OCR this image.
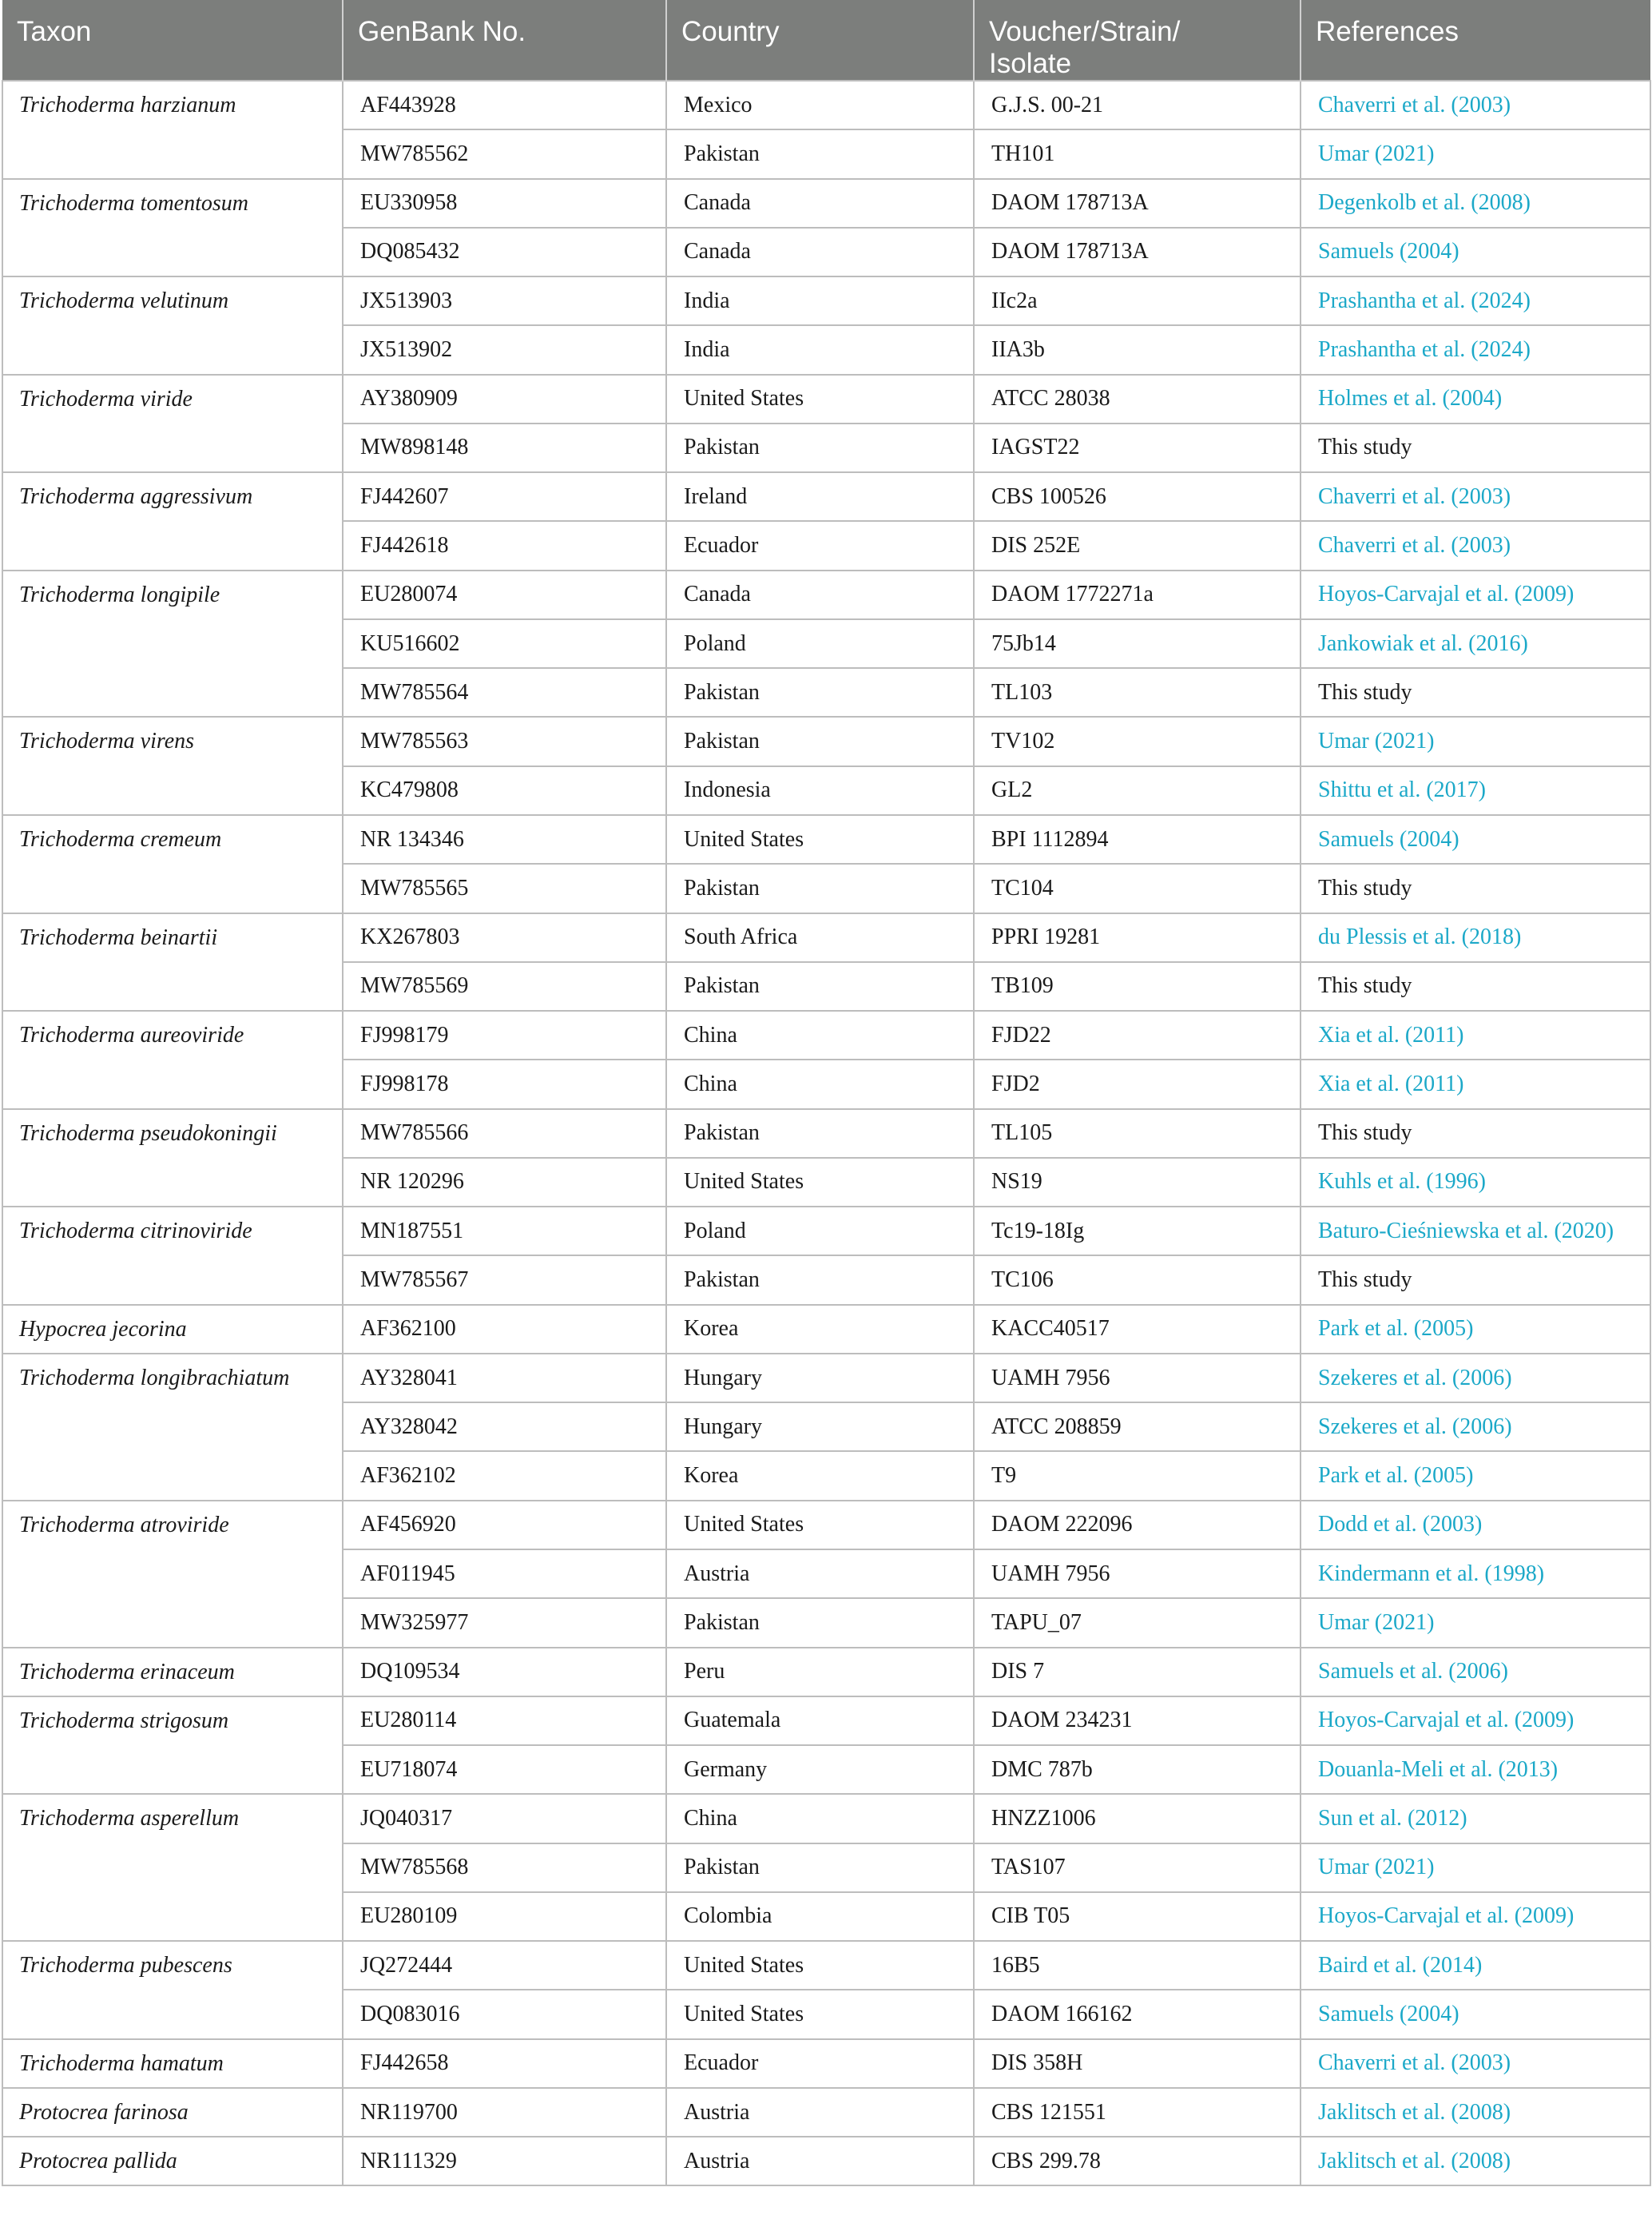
Taxon	GenBank No.	Country	Voucher/Strain/
Isolate	References
Trichoderma harzianum	AF443928	Mexico	G.J.S. 00-21	Chaverri et al. (2003)
	MW785562	Pakistan	TH101	Umar (2021)
Trichoderma tomentosum	EU330958	Canada	DAOM 178713A	Degenkolb et al. (2008)
	DQ085432	Canada	DAOM 178713A	Samuels (2004)
Trichoderma velutinum	JX513903	India	IIc2a	Prashantha et al. (2024)
	JX513902	India	IIA3b	Prashantha et al. (2024)
Trichoderma viride	AY380909	United States	ATCC 28038	Holmes et al. (2004)
	MW898148	Pakistan	IAGST22	This study
Trichoderma aggressivum	FJ442607	Ireland	CBS 100526	Chaverri et al. (2003)
	FJ442618	Ecuador	DIS 252E	Chaverri et al. (2003)
Trichoderma longipile	EU280074	Canada	DAOM 1772271a	Hoyos-Carvajal et al. (2009)
	KU516602	Poland	75Jb14	Jankowiak et al. (2016)
	MW785564	Pakistan	TL103	This study
Trichoderma virens	MW785563	Pakistan	TV102	Umar (2021)
	KC479808	Indonesia	GL2	Shittu et al. (2017)
Trichoderma cremeum	NR 134346	United States	BPI 1112894	Samuels (2004)
	MW785565	Pakistan	TC104	This study
Trichoderma beinartii	KX267803	South Africa	PPRI 19281	du Plessis et al. (2018)
	MW785569	Pakistan	TB109	This study
Trichoderma aureoviride	FJ998179	China	FJD22	Xia et al. (2011)
	FJ998178	China	FJD2	Xia et al. (2011)
Trichoderma pseudokoningii	MW785566	Pakistan	TL105	This study
	NR 120296	United States	NS19	Kuhls et al. (1996)
Trichoderma citrinoviride	MN187551	Poland	Tc19-18Ig	Baturo-Cieśniewska et al. (2020)
	MW785567	Pakistan	TC106	This study
Hypocrea jecorina	AF362100	Korea	KACC40517	Park et al. (2005)
Trichoderma longibrachiatum	AY328041	Hungary	UAMH 7956	Szekeres et al. (2006)
	AY328042	Hungary	ATCC 208859	Szekeres et al. (2006)
	AF362102	Korea	T9	Park et al. (2005)
Trichoderma atroviride	AF456920	United States	DAOM 222096	Dodd et al. (2003)
	AF011945	Austria	UAMH 7956	Kindermann et al. (1998)
	MW325977	Pakistan	TAPU_07	Umar (2021)
Trichoderma erinaceum	DQ109534	Peru	DIS 7	Samuels et al. (2006)
Trichoderma strigosum	EU280114	Guatemala	DAOM 234231	Hoyos-Carvajal et al. (2009)
	EU718074	Germany	DMC 787b	Douanla-Meli et al. (2013)
Trichoderma asperellum	JQ040317	China	HNZZ1006	Sun et al. (2012)
	MW785568	Pakistan	TAS107	Umar (2021)
	EU280109	Colombia	CIB T05	Hoyos-Carvajal et al. (2009)
Trichoderma pubescens	JQ272444	United States	16B5	Baird et al. (2014)
	DQ083016	United States	DAOM 166162	Samuels (2004)
Trichoderma hamatum	FJ442658	Ecuador	DIS 358H	Chaverri et al. (2003)
Protocrea farinosa	NR119700	Austria	CBS 121551	Jaklitsch et al. (2008)
Protocrea pallida	NR111329	Austria	CBS 299.78	Jaklitsch et al. (2008)
